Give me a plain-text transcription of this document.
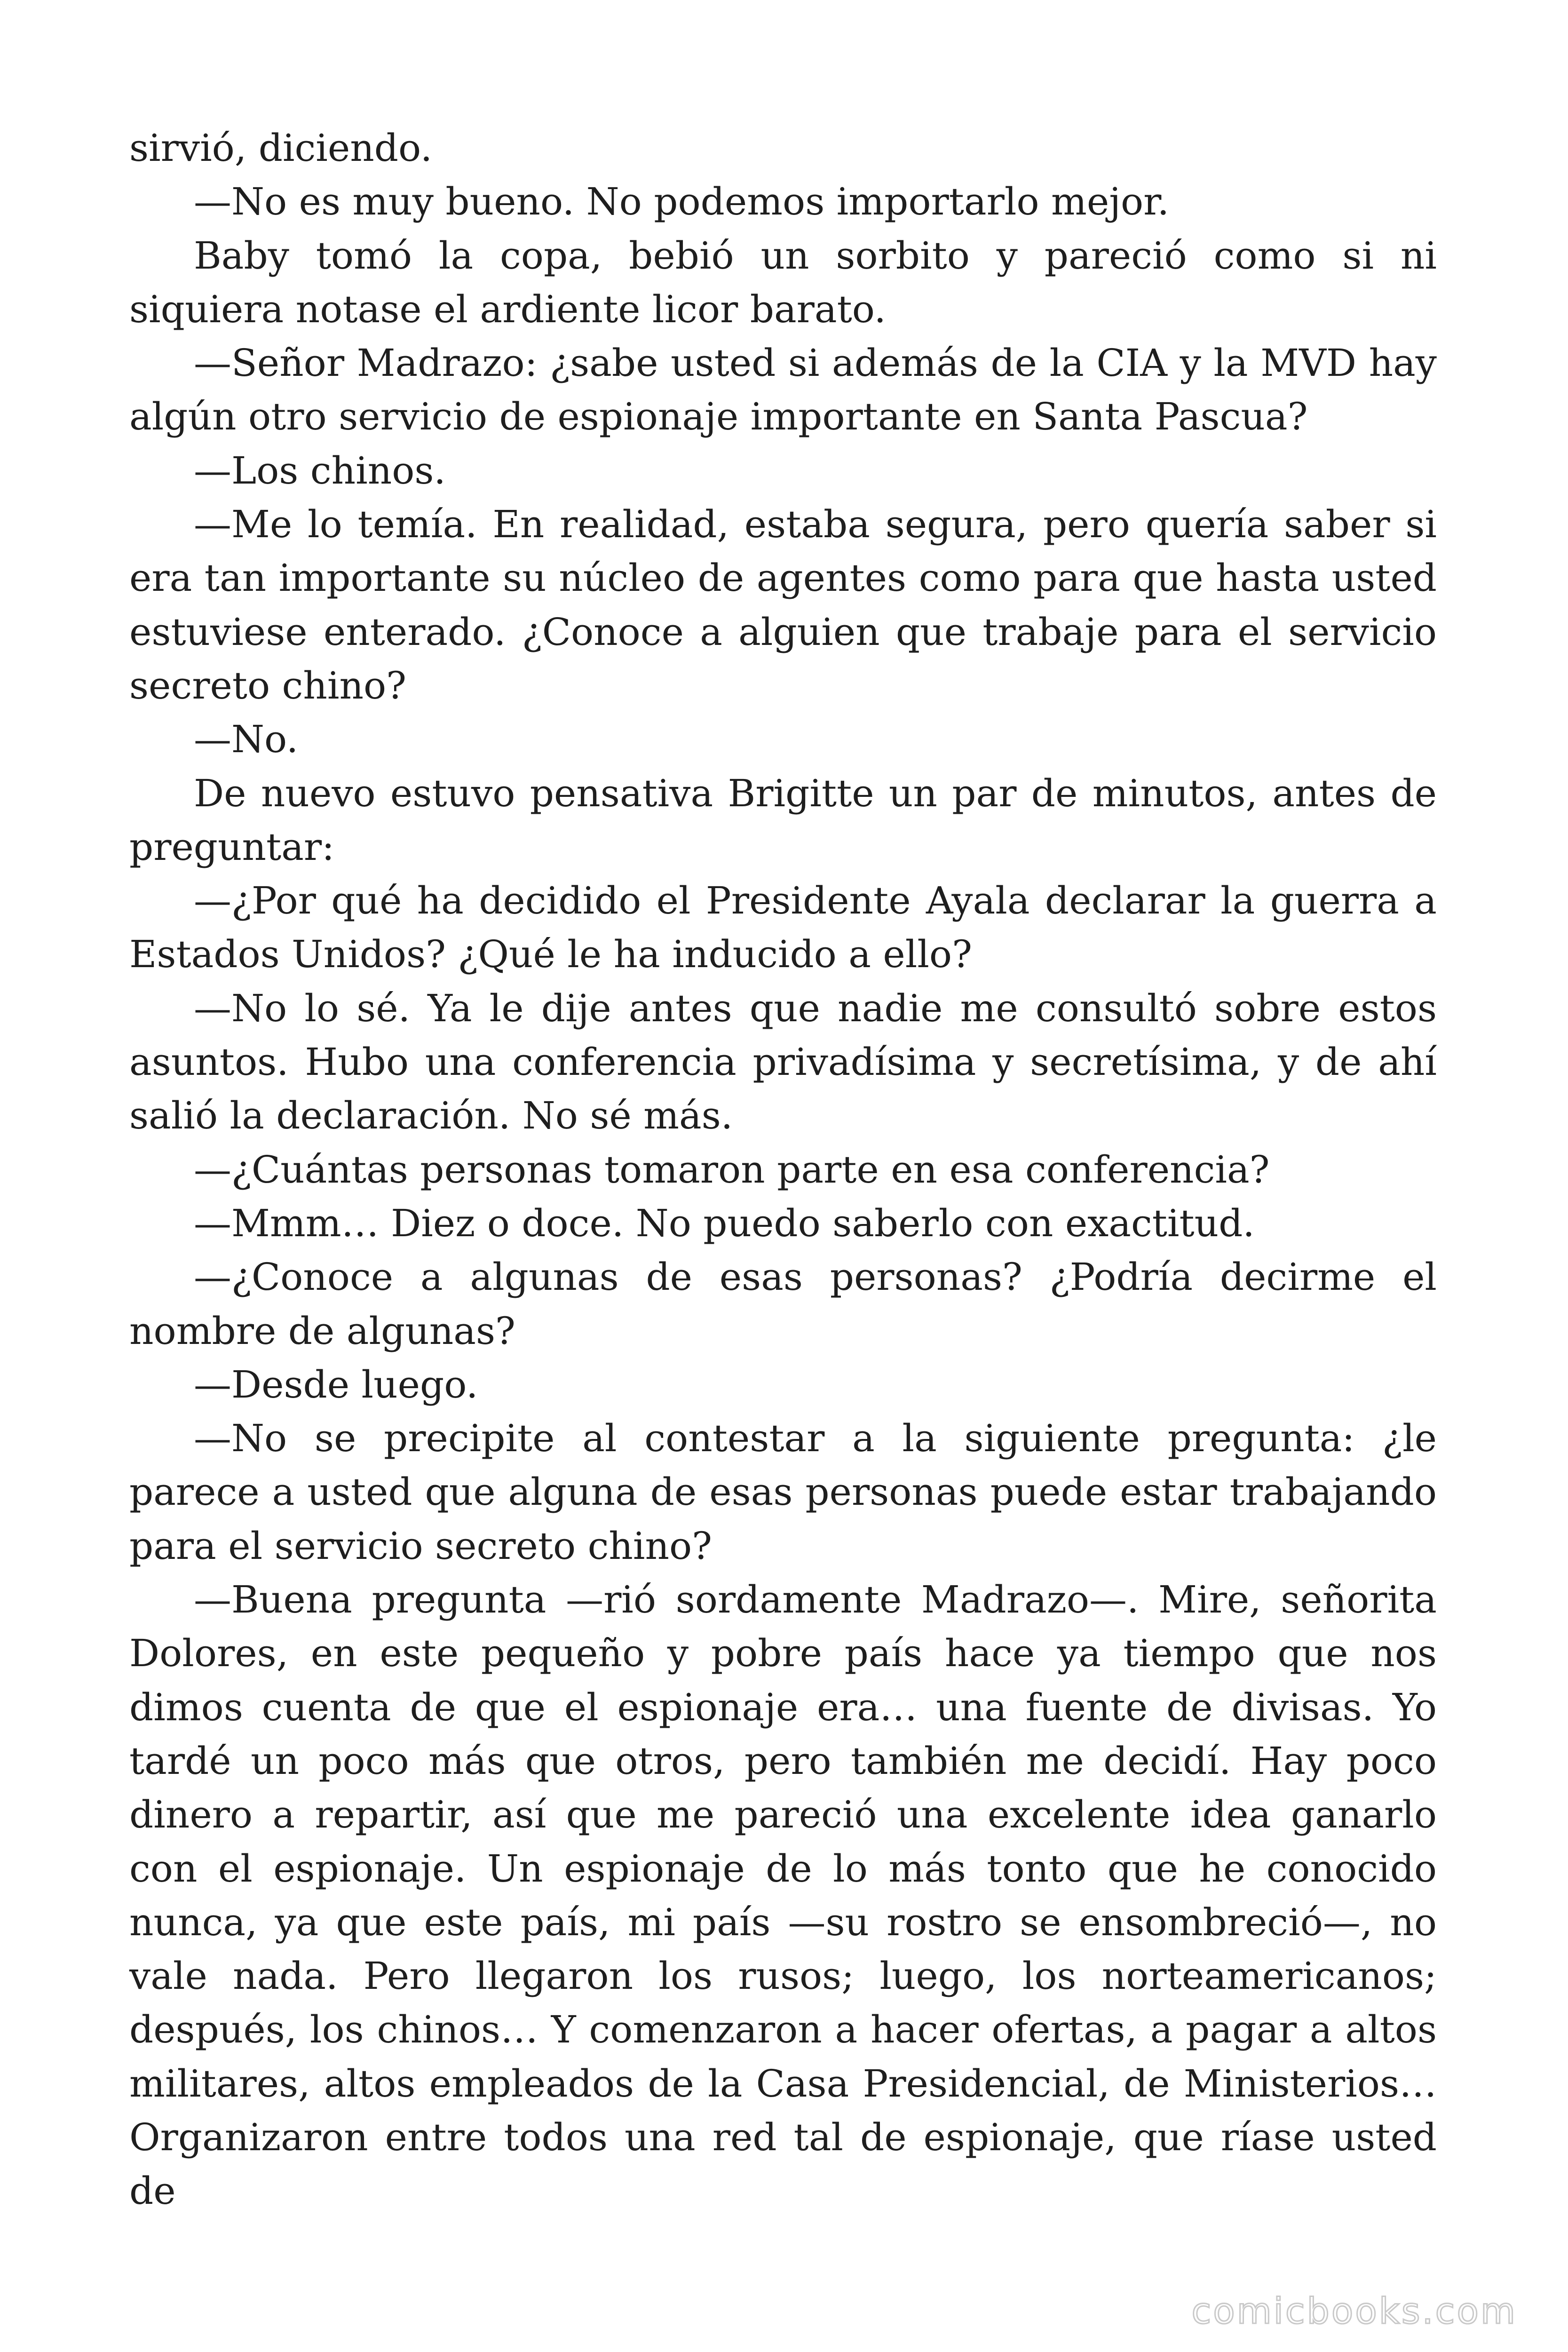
sirvió, diciendo.

—No es muy bueno. No podemos importarlo mejor.

Baby tomó la copa, bebió un sorbito y pareció como si ni siquiera notase el ardiente licor barato.

—Señor Madrazo: ¿sabe usted si además de la CIA y la MVD hay algún otro servicio de espionaje importante en Santa Pascua?

—Los chinos.

—Me lo temía. En realidad, estaba segura, pero quería saber si era tan importante su núcleo de agentes como para que hasta usted estuviese enterado. ¿Conoce a alguien que trabaje para el servicio secreto chino?

—No.

De nuevo estuvo pensativa Brigitte un par de minutos, antes de preguntar:

—¿Por qué ha decidido el Presidente Ayala declarar la guerra a Estados Unidos? ¿Qué le ha inducido a ello?

—No lo sé. Ya le dije antes que nadie me consultó sobre estos asuntos. Hubo una conferencia privadísima y secretísima, y de ahí salió la declaración. No sé más.

—¿Cuántas personas tomaron parte en esa conferencia?

—Mmm… Diez o doce. No puedo saberlo con exactitud.

—¿Conoce a algunas de esas personas? ¿Podría decirme el nombre de algunas?

—Desde luego.

—No se precipite al contestar a la siguiente pregunta: ¿le parece a usted que alguna de esas personas puede estar trabajando para el servicio secreto chino?

—Buena pregunta —rió sordamente Madrazo—. Mire, señorita Dolores, en este pequeño y pobre país hace ya tiempo que nos dimos cuenta de que el espionaje era… una fuente de divisas. Yo tardé un poco más que otros, pero también me decidí. Hay poco dinero a repartir, así que me pareció una excelente idea ganarlo con el espionaje. Un espionaje de lo más tonto que he conocido nunca, ya que este país, mi país —su rostro se ensombreció—, no vale nada. Pero llegaron los rusos; luego, los norteamericanos; después, los chinos… Y comenzaron a hacer ofertas, a pagar a altos militares, altos empleados de la Casa Presidencial, de Ministerios… Organizaron entre todos una red tal de espionaje, que ríase usted de

comicbooks.com
